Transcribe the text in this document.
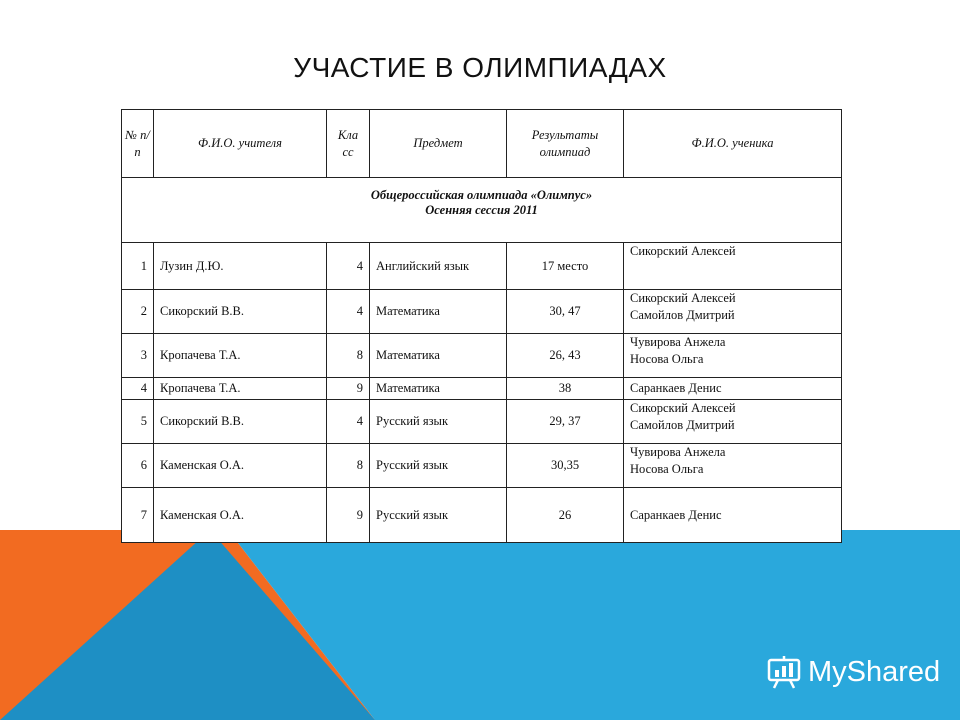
УЧАСТИЕ В ОЛИМПИАДАХ
№ п/ п	Ф.И.О. учителя	Кла сс	Предмет	Результаты олимпиад	Ф.И.О. ученика

Общероссийская олимпиада «Олимпус»
Осенняя сессия 2011					

1	Лузин Д.Ю.	4	Английский язык	17 место	Сикорский Алексей

2	Сикорский В.В.	4	Математика	30, 47	Сикорский Алексей
Самойлов Дмитрий

3	Кропачева Т.А.	8	Математика	26, 43	Чувирова Анжела
Носова Ольга

4	Кропачева Т.А.	9	Математика	38	Саранкаев Денис

5	Сикорский В.В.	4	Русский язык	29, 37	Сикорский Алексей
Самойлов Дмитрий

6	Каменская О.А.	8	Русский язык	30,35	Чувирова Анжела
Носова Ольга

7	Каменская О.А.	9	Русский язык	26	Саранкаев Денис
MyShared
